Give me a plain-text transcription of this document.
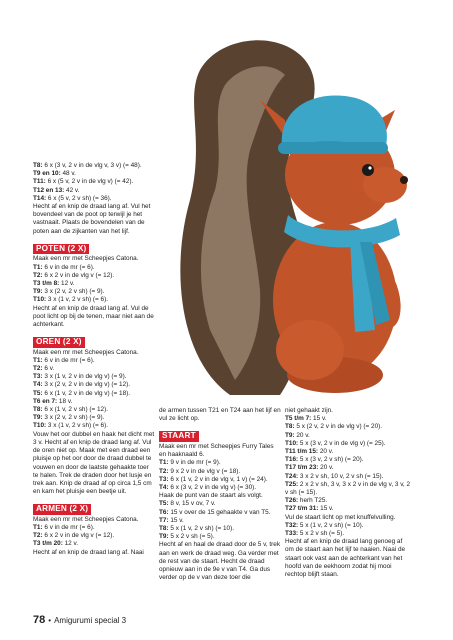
T8: 6 x (3 v, 2 v in de vlg v, 3 v) (= 48).

T9 en 10: 48 v.

T11: 6 x (5 v, 2 v in de vlg v) (= 42).

T12 en 13: 42 v.

T14: 6 x (5 v, 2 v sh) (= 36).

Hecht af en knip de draad lang af. Vul het bovendeel van de poot op terwijl je het vastnaait. Plaats de bovendelen van de poten aan de zijkanten van het lijf.

POTEN (2 X)

Maak een mr met Scheepjes Catona.

T1: 6 v in de mr (= 6).

T2: 6 x 2 v in de vlg v (= 12).

T3 t/m 8: 12 v.

T9: 3 x (2 v, 2 v sh) (= 9).

T10: 3 x (1 v, 2 v sh) (= 6).

Hecht af en knip de draad lang af. Vul de poot licht op bij de tenen, maar niet aan de achterkant.

OREN (2 X)

Maak een mr met Scheepjes Catona.

T1: 6 v in de mr (= 6).

T2: 6 v.

T3: 3 x (1 v, 2 v in de vlg v) (= 9).

T4: 3 x (2 v, 2 v in de vlg v) (= 12).

T5: 6 x (1 v, 2 v in de vlg v) (= 18).

T6 en 7: 18 v.

T8: 6 x (1 v, 2 v sh) (= 12).

T9: 3 x (2 v, 2 v sh) (= 9).

T10: 3 x (1 v, 2 v sh) (= 6).

Vouw het oor dubbel en haak het dicht met 3 v. Hecht af en knip de draad lang af. Vul de oren niet op. Maak met een draad een pluisje op het oor door de draad dubbel te vouwen en door de laatste gehaakte toer te halen. Trek de draden door het lusje en trek aan. Knip de draad af op circa 1,5 cm en kam het pluisje een beetje uit.

ARMEN (2 X)

Maak een mr met Scheepjes Catona.

T1: 6 v in de mr (= 6).

T2: 6 x 2 v in de vlg v (= 12).

T3 t/m 20: 12 v.

Hecht af en knip de draad lang af. Naai

de armen tussen T21 en T24 aan het lijf en vul ze licht op.

STAART

Maak een mr met Scheepjes Furry Tales en haaknaald 6.

T1: 9 v in de mr (= 9).

T2: 9 x 2 v in de vlg v (= 18).

T3: 6 x (1 v, 2 v in de vlg v, 1 v) (= 24).

T4: 6 x (3 v, 2 v in de vlg v) (= 30).

Haak de punt van de staart als volgt.

T5: 8 v, 15 v ov, 7 v.

T6: 15 v over de 15 gehaakte v van T5.

T7: 15 v.

T8: 5 x (1 v, 2 v sh) (= 10).

T9: 5 x 2 v sh (= 5).

Hecht af en haal de draad door de 5 v, trek aan en werk de draad weg. Ga verder met de rest van de staart. Hecht de draad opnieuw aan in de 9e v van T4. Ga dus verder op de v van deze toer die

niet gehaakt zijn.

T5 t/m 7: 15 v.

T8: 5 x (2 v, 2 v in de vlg v) (= 20).

T9: 20 v.

T10: 5 x (3 v, 2 v in de vlg v) (= 25).

T11 t/m 15: 20 v.

T16: 5 x (3 v, 2 v sh) (= 20).

T17 t/m 23: 20 v.

T24: 3 x 2 v sh, 10 v, 2 v sh (= 15).

T25: 2 x 2 v sh, 3 v, 3 x 2 v in de vlg v, 3 v, 2 v sh (= 15).

T26: herh T25.

T27 t/m 31: 15 v.

Vul de staart licht op met knuffelvulling.

T32: 5 x (1 v, 2 v sh) (= 10).

T33: 5 x 2 v sh (= 5).

Hecht af en knip de draad lang genoeg af om de staart aan het lijf te naaien. Naai de staart ook vast aan de achterkant van het hoofd van de eekhoorn zodat hij mooi rechtop blijft staan.

78 • Amigurumi special 3
